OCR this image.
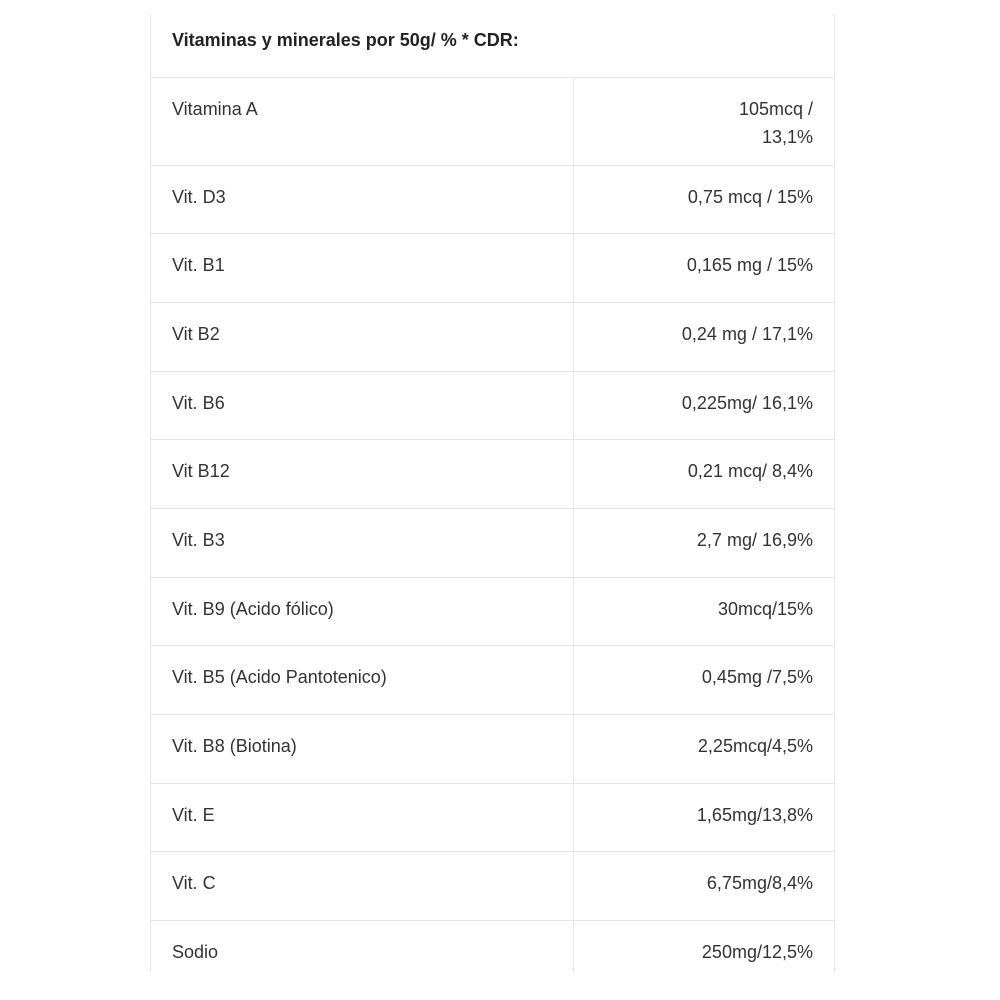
Vitaminas y minerales por 50g/ % * CDR:	
Vitamina A	105mcq / 13,1%
Vit. D3	0,75 mcq / 15%
Vit. B1	0,165 mg / 15%
Vit B2	0,24 mg / 17,1%
Vit. B6	0,225mg/ 16,1%
Vit B12	0,21 mcq/ 8,4%
Vit. B3	2,7 mg/ 16,9%
Vit. B9 (Acido fólico)	30mcq/15%
Vit. B5 (Acido Pantotenico)	0,45mg /7,5%
Vit. B8 (Biotina)	2,25mcq/4,5%
Vit. E	1,65mg/13,8%
Vit. C	6,75mg/8,4%
Sodio	250mg/12,5%
